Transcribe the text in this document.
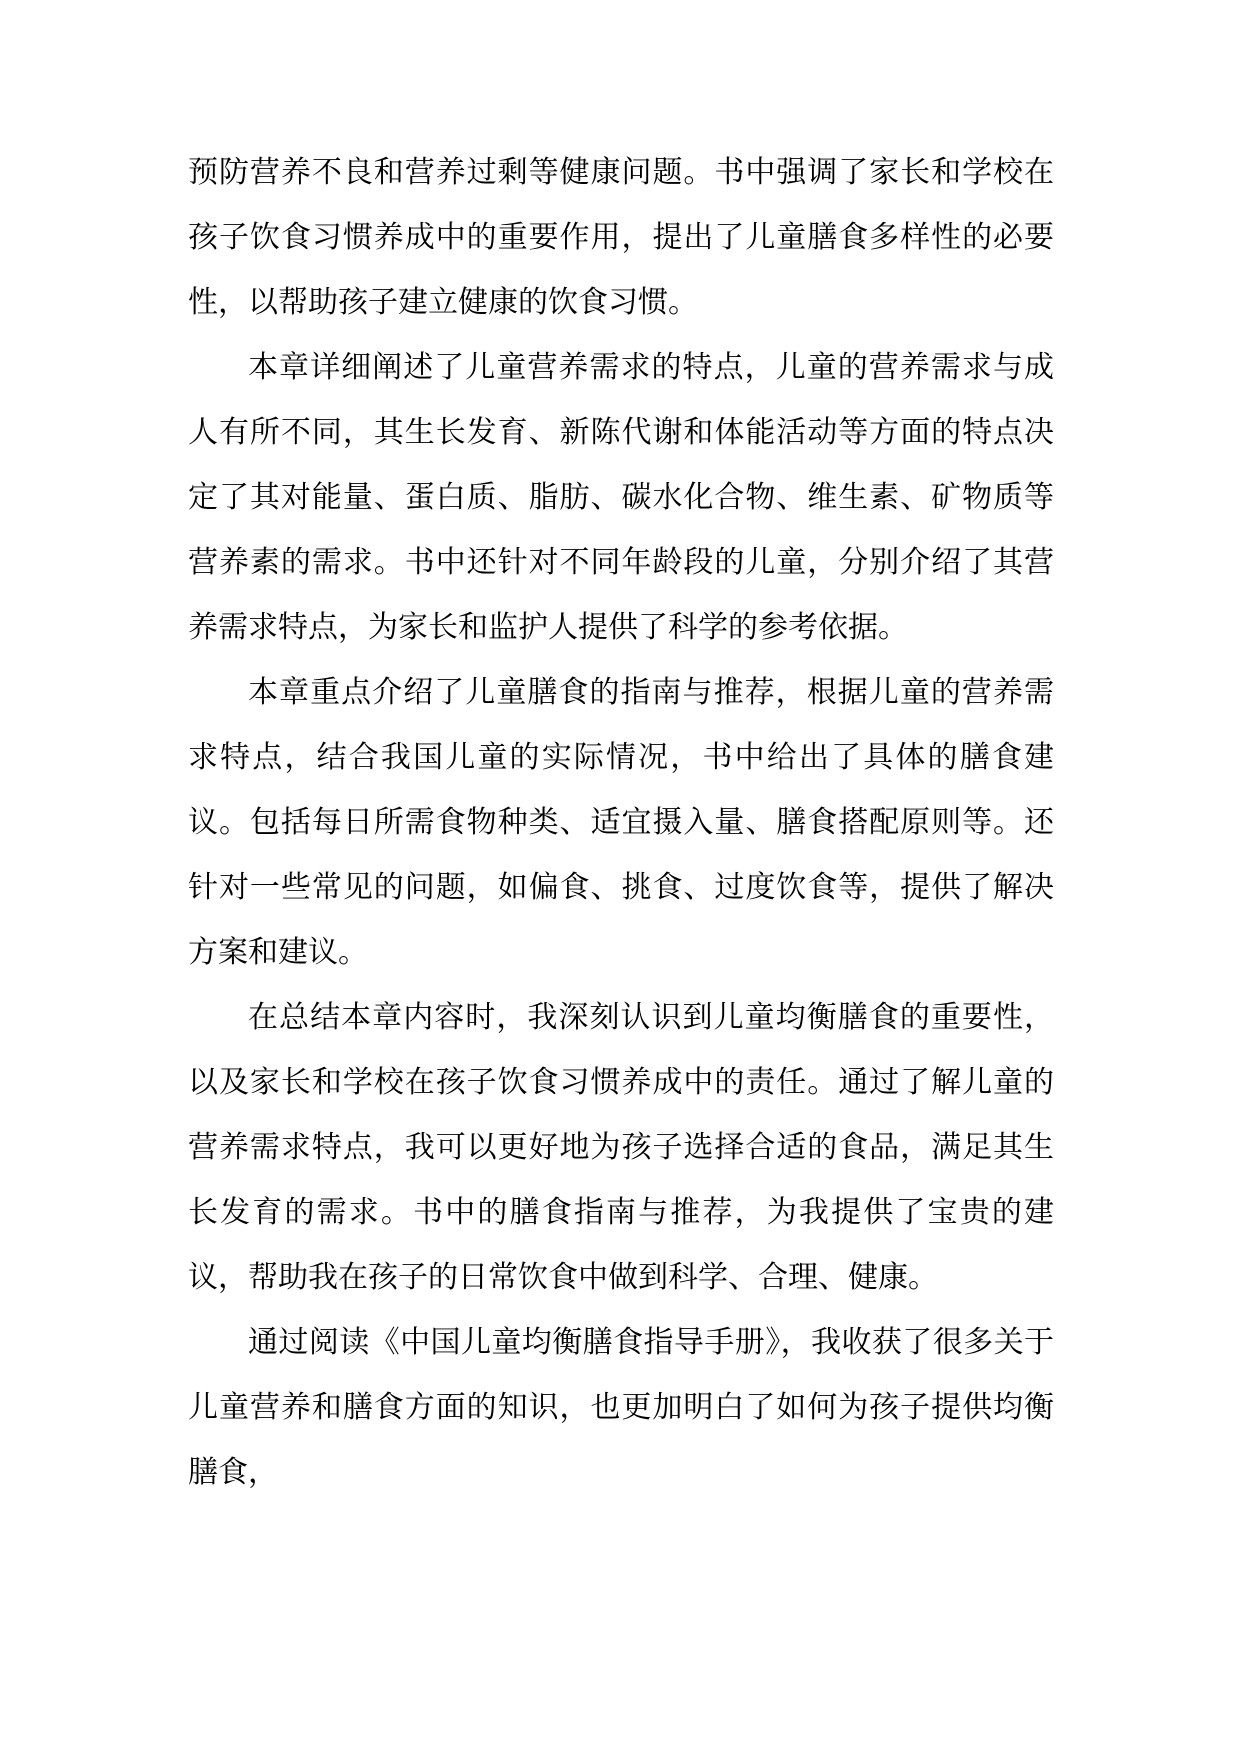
预防营养不良和营养过剩等健康问题。书中强调了家长和学校在孩子饮食习惯养成中的重要作用，提出了儿童膳食多样性的必要性，以帮助孩子建立健康的饮食习惯。

本章详细阐述了儿童营养需求的特点，儿童的营养需求与成人有所不同，其生长发育、新陈代谢和体能活动等方面的特点决定了其对能量、蛋白质、脂肪、碳水化合物、维生素、矿物质等营养素的需求。书中还针对不同年龄段的儿童，分别介绍了其营养需求特点，为家长和监护人提供了科学的参考依据。

本章重点介绍了儿童膳食的指南与推荐，根据儿童的营养需求特点，结合我国儿童的实际情况，书中给出了具体的膳食建议。包括每日所需食物种类、适宜摄入量、膳食搭配原则等。还针对一些常见的问题，如偏食、挑食、过度饮食等，提供了解决方案和建议。

在总结本章内容时，我深刻认识到儿童均衡膳食的重要性，以及家长和学校在孩子饮食习惯养成中的责任。通过了解儿童的营养需求特点，我可以更好地为孩子选择合适的食品，满足其生长发育的需求。书中的膳食指南与推荐，为我提供了宝贵的建议，帮助我在孩子的日常饮食中做到科学、合理、健康。

通过阅读《中国儿童均衡膳食指导手册》，我收获了很多关于儿童营养和膳食方面的知识，也更加明白了如何为孩子提供均衡膳食，
